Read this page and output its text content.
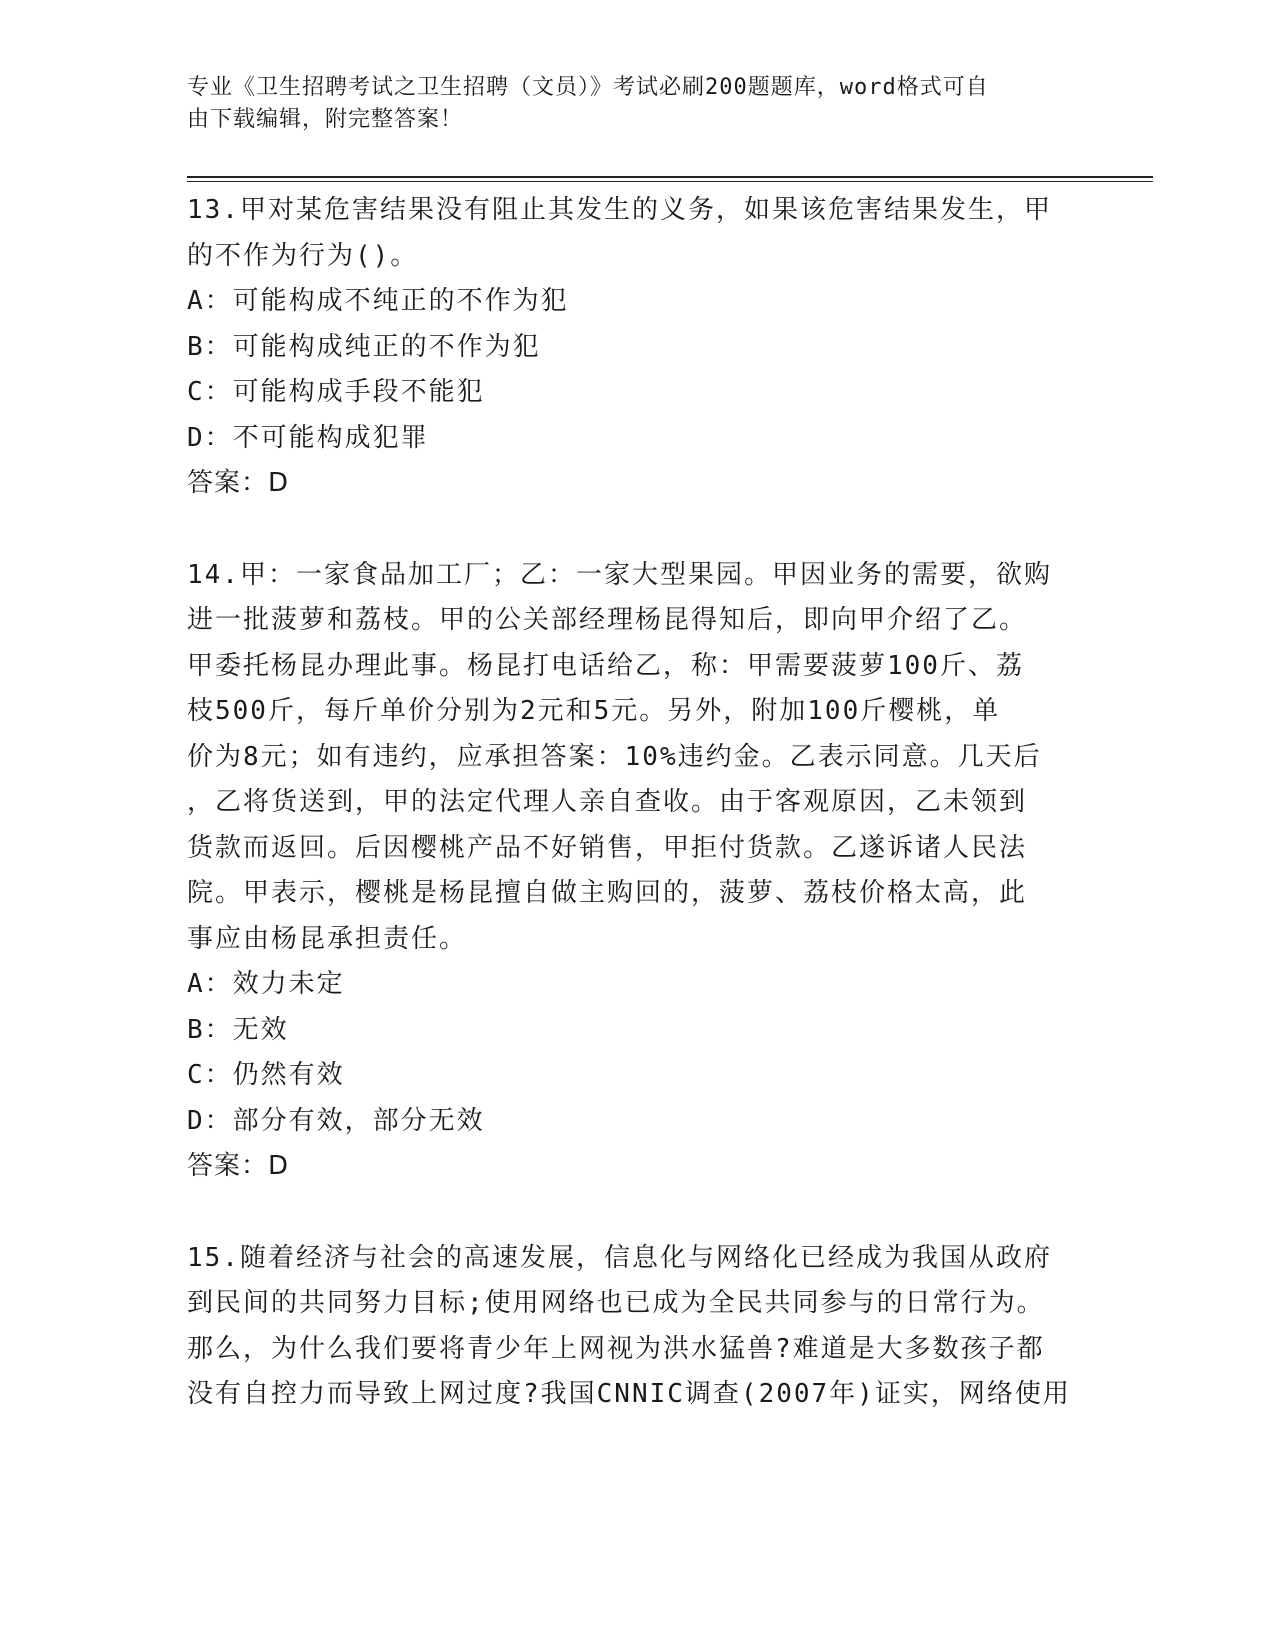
专业《卫生招聘考试之卫生招聘（文员）》考试必刷200题题库，word格式可自
由下载编辑，附完整答案！
13.甲对某危害结果没有阻止其发生的义务，如果该危害结果发生，甲
的不作为行为()。
A：可能构成不纯正的不作为犯
B：可能构成纯正的不作为犯
C：可能构成手段不能犯
D：不可能构成犯罪
答案：D
14.甲：一家食品加工厂；乙：一家大型果园。甲因业务的需要，欲购
进一批菠萝和荔枝。甲的公关部经理杨昆得知后，即向甲介绍了乙。
甲委托杨昆办理此事。杨昆打电话给乙，称：甲需要菠萝100斤、荔
枝500斤，每斤单价分别为2元和5元。另外，附加100斤樱桃，单
价为8元；如有违约，应承担答案：10%违约金。乙表示同意。几天后
，乙将货送到，甲的法定代理人亲自查收。由于客观原因，乙未领到
货款而返回。后因樱桃产品不好销售，甲拒付货款。乙遂诉诸人民法
院。甲表示，樱桃是杨昆擅自做主购回的，菠萝、荔枝价格太高，此
事应由杨昆承担责任。
A：效力未定
B：无效
C：仍然有效
D：部分有效，部分无效
答案：D
15.随着经济与社会的高速发展，信息化与网络化已经成为我国从政府
到民间的共同努力目标;使用网络也已成为全民共同参与的日常行为。
那么，为什么我们要将青少年上网视为洪水猛兽?难道是大多数孩子都
没有自控力而导致上网过度?我国CNNIC调查(2007年)证实，网络使用
